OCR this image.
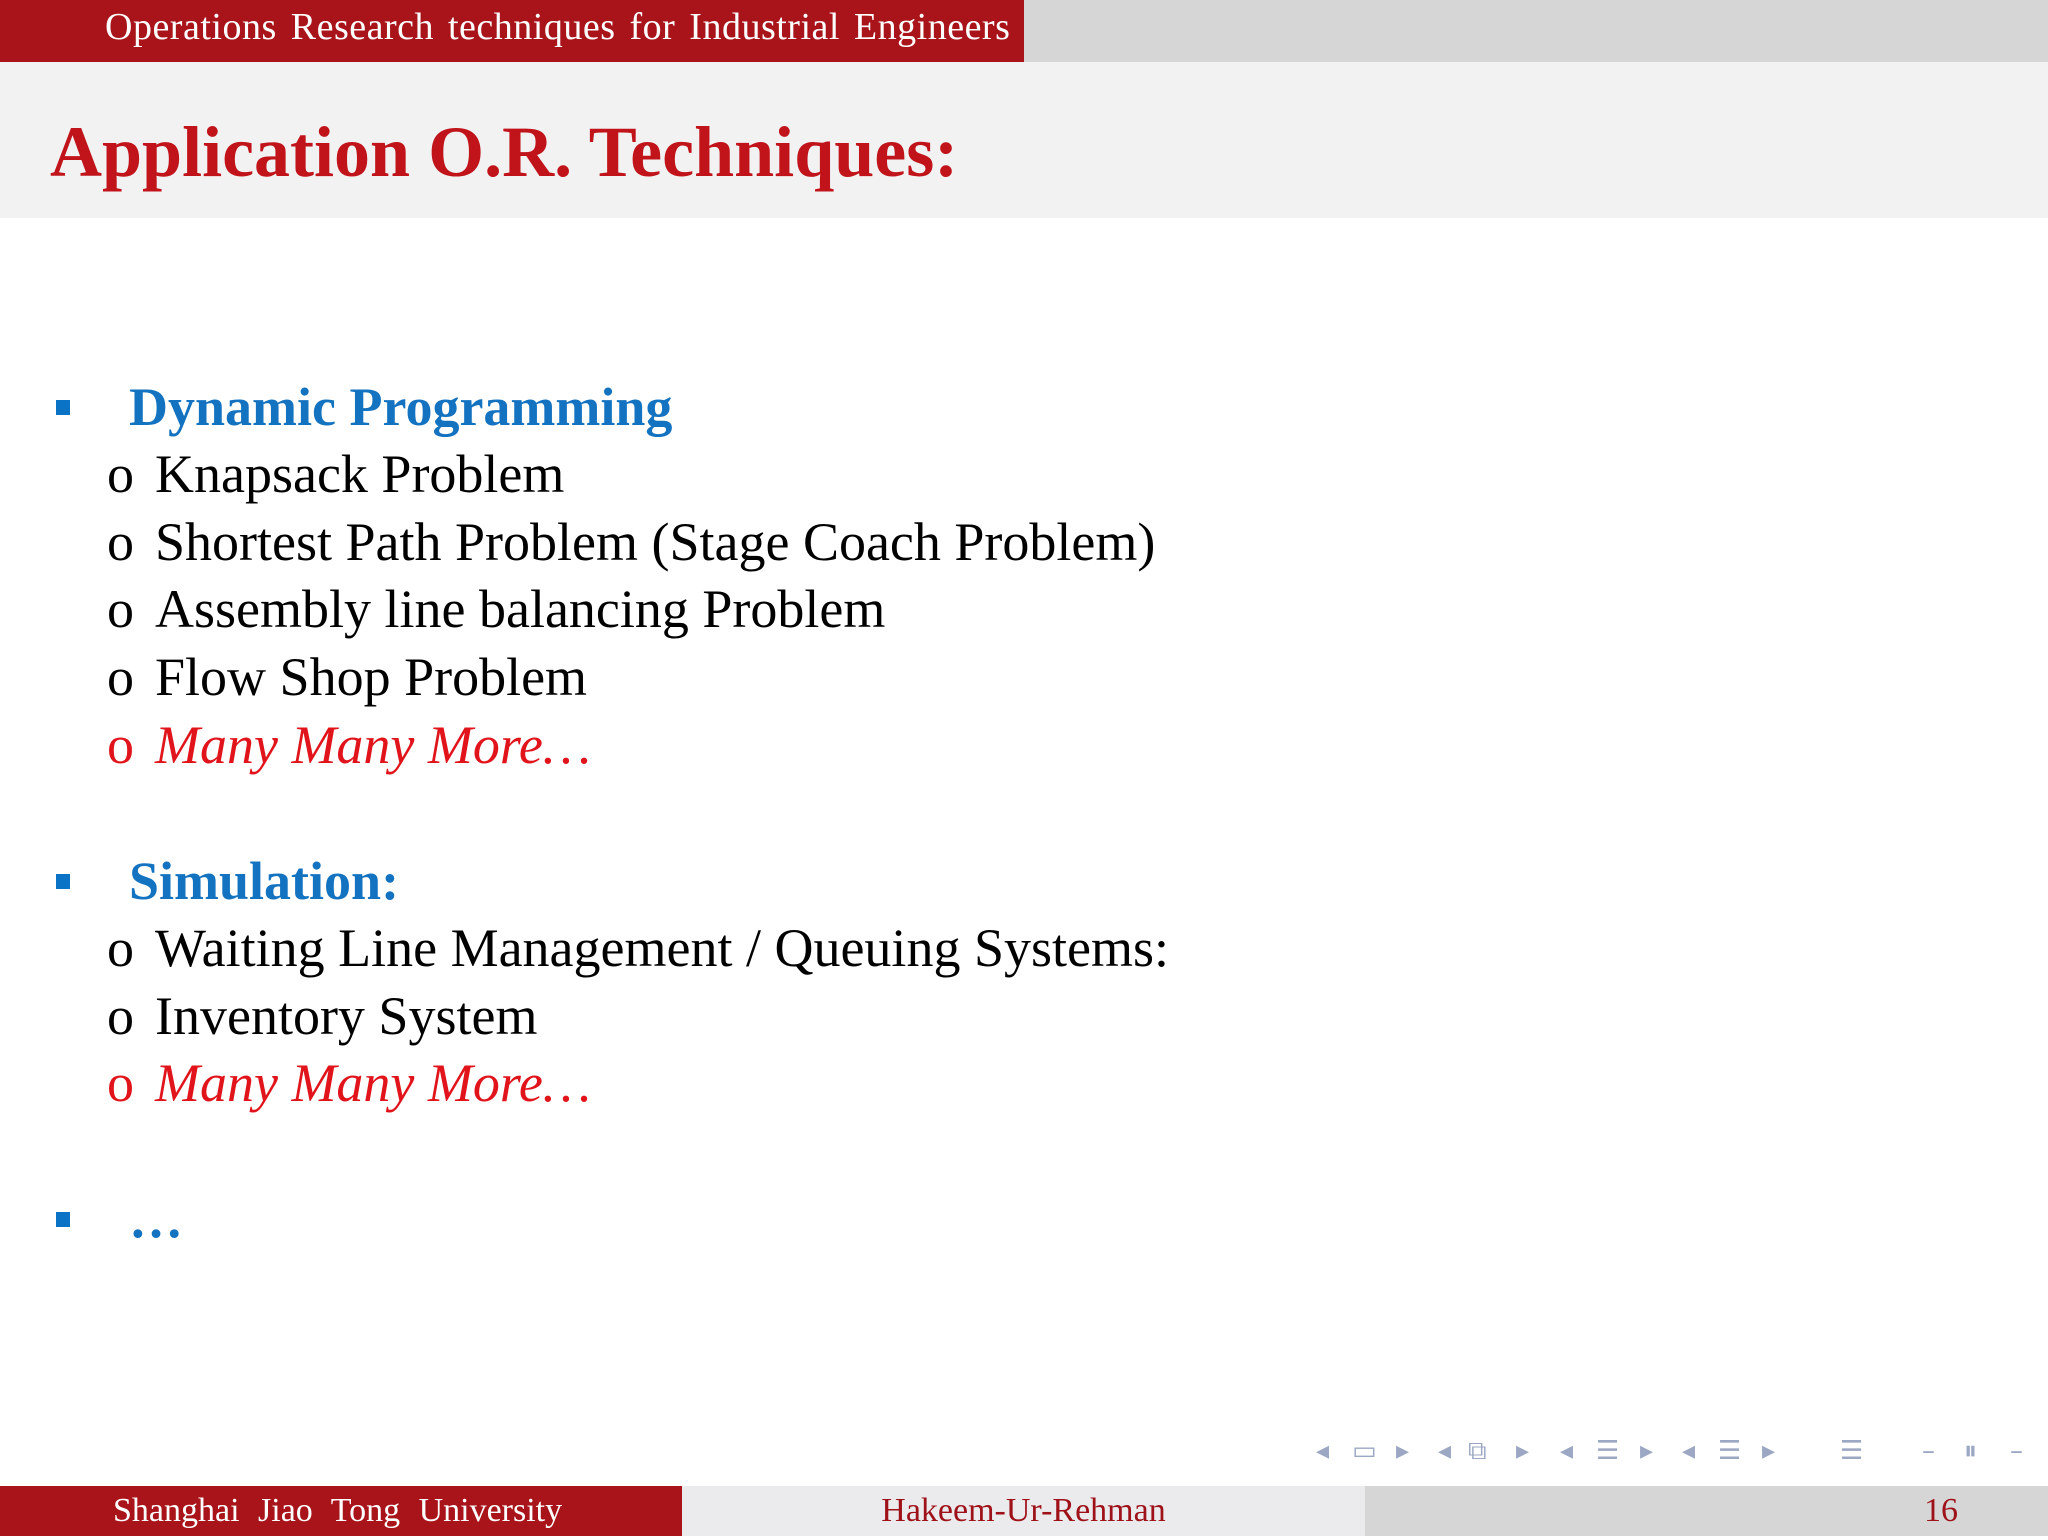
Operations Research techniques for Industrial Engineers
Application O.R. Techniques:
Dynamic Programming
o Knapsack Problem
o Shortest Path Problem (Stage Coach Problem)
o Assembly line balancing Problem
o Flow Shop Problem
o Many Many More…
Simulation:
o Waiting Line Management / Queuing Systems:
o Inventory System
o Many Many More…
…
◂ ▭ ▸ ◂ ⧉ ▸ ◂ ☰ ▸ ◂ ☰ ▸ ☰ – ⏸ –
Shanghai Jiao Tong University	Hakeem-Ur-Rehman	16
